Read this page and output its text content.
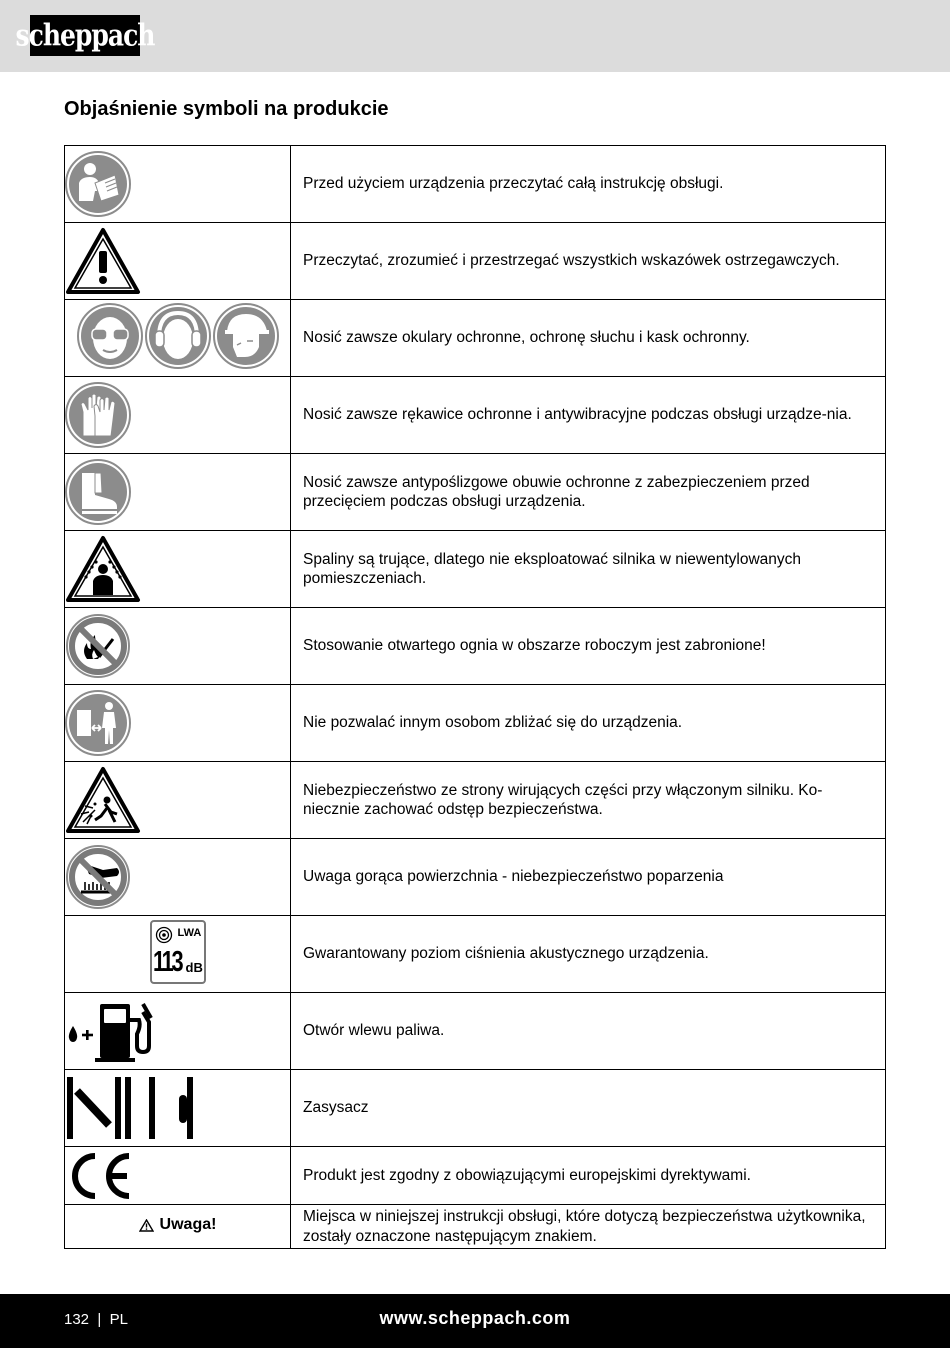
scheppach
Objaśnienie symboli na produkcie
	Przed użyciem urządzenia przeczytać całą instrukcję obsługi.

	Przeczytać, zrozumieć i przestrzegać wszystkich wskazówek ostrzegawczych.

	Nosić zawsze okulary ochronne, ochronę słuchu i kask ochronny.

	Nosić zawsze rękawice ochronne i antywibracyjne podczas obsługi urządze-nia.

	Nosić zawsze antypoślizgowe obuwie ochronne z zabezpieczeniem przed przecięciem podczas obsługi urządzenia.

	Spaliny są trujące, dlatego nie eksploatować silnika w niewentylowanych pomieszczeniach.

	Stosowanie otwartego ognia w obszarze roboczym jest zabronione!

	Nie pozwalać innym osobom zbliżać się do urządzenia.

	Niebezpieczeństwo ze strony wirujących części przy włączonym silniku. Ko-niecznie zachować odstęp bezpieczeństwa.

	Uwaga gorąca powierzchnia - niebezpieczeństwo poparzenia

LWA
113 dB	Gwarantowany poziom ciśnienia akustycznego urządzenia.

	Otwór wlewu paliwa.

	Zasysacz

	Produkt jest zgodny z obowiązującymi europejskimi dyrektywami.

Uwaga!	Miejsca w niniejszej instrukcji obsługi, które dotyczą bezpieczeństwa użytkownika, zostały oznaczone następującym znakiem.
132  |  PL	www.scheppach.com
